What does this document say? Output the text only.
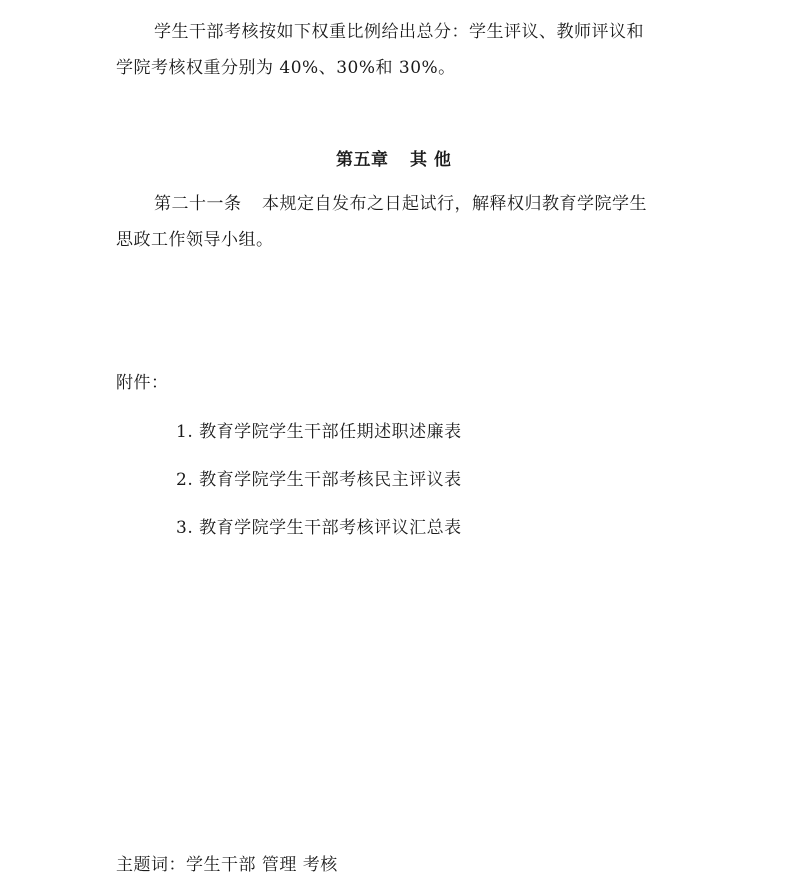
学生干部考核按如下权重比例给出总分：学生评议、教师评议和
学院考核权重分别为 40%、30%和 30%。
第五章 其 他
第二十一条 本规定自发布之日起试行，解释权归教育学院学生
思政工作领导小组。
附件：
1. 教育学院学生干部任期述职述廉表
2. 教育学院学生干部考核民主评议表
3. 教育学院学生干部考核评议汇总表
主题词：学生干部 管理 考核
